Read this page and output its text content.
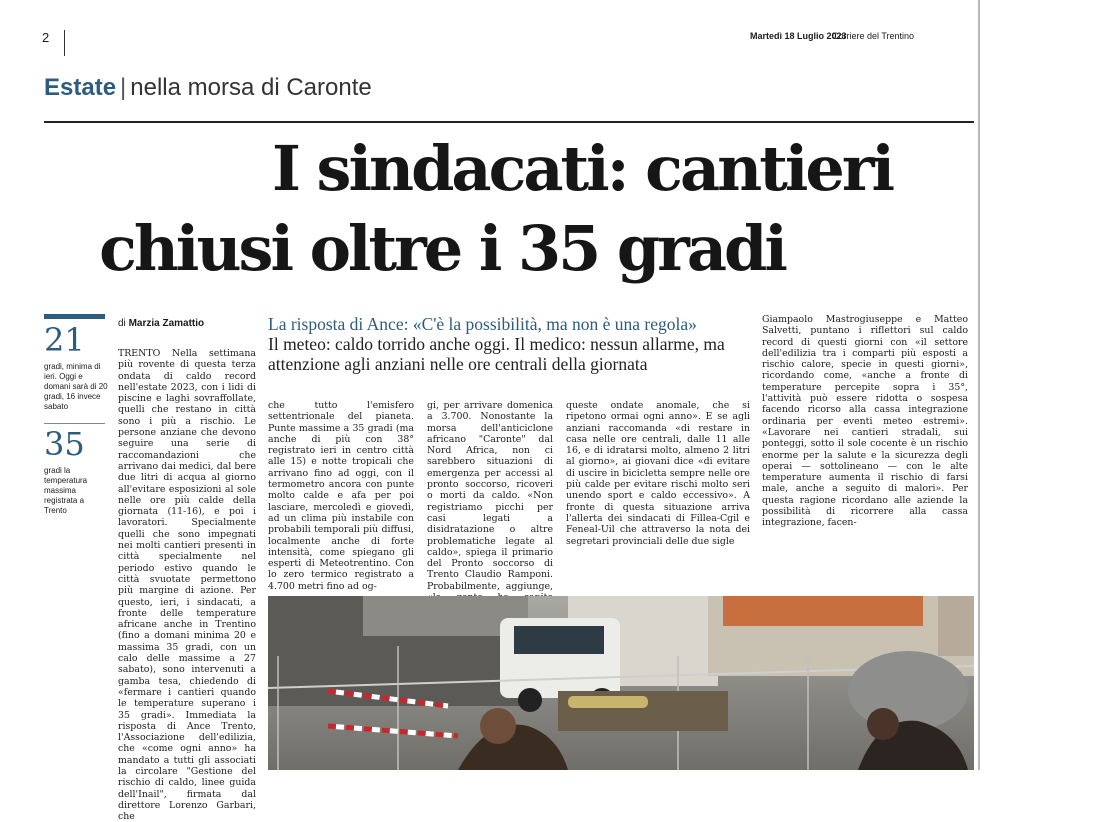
2	Martedì 18 Luglio 2023
Corriere del Trentino
Estate | nella morsa di Caronte
I sindacati: cantieri
chiusi oltre i 35 gradi
21
gradi, minima di ieri. Oggi e domani sarà di 20 gradi, 16 invece sabato
35
gradi la temperatura massima registrata a Trento
di Marzia Zamattio	La risposta di Ance: «C'è la possibilità, ma non è una regola»
Il meteo: caldo torrido anche oggi. Il medico: nessun allarme, ma attenzione agli anziani nelle ore centrali della giornata

TRENTO Nella settimana più rovente di questa terza ondata di caldo record nell'estate 2023, con i lidi di piscine e laghi sovraffollate, quelli che restano in città sono i più a rischio. Le persone anziane che devono seguire una serie di raccomandazioni che arrivano dai medici, dal bere due litri di acqua al giorno all'evitare esposizioni al sole nelle ore più calde della giornata (11-16), e poi i lavoratori. Specialmente quelli che sono impegnati nei molti cantieri presenti in città specialmente nel periodo estivo quando le città svuotate permettono più margine di azione. Per questo, ieri, i sindacati, a fronte delle temperature africane anche in Trentino (fino a domani minima 20 e massima 35 gradi, con un calo delle massime a 27 sabato), sono intervenuti a gamba tesa, chiedendo di «fermare i cantieri quando le temperature superano i 35 gradi». Immediata la risposta di Ance Trento, l'Associazione dell'edilizia, che «come ogni anno» ha mandato a tutti gli associati la circolare "Gestione del rischio di caldo, linee guida dell'Inail", firmata dal direttore Lorenzo Garbari, che

che tutto l'emisfero settentrionale del pianeta. Punte massime a 35 gradi (ma anche di più con 38° registrato ieri in centro città alle 15) e notte tropicali che arrivano fino ad oggi, con il termometro ancora con punte molto calde e afa per poi lasciare, mercoledì e giovedì, ad un clima più instabile con probabili temporali più diffusi, localmente anche di forte intensità, come spiegano gli esperti di Meteotrentino. Con lo zero termico registrato a 4.700 metri fino ad og-

gi, per arrivare domenica a 3.700. Nonostante la morsa dell'anticiclone africano "Caronte" dal Nord Africa, non ci sarebbero situazioni di emergenza per accessi al pronto soccorso, ricoveri o morti da caldo. «Non registriamo picchi per casi legati a disidratazione o altre problematiche legate al caldo», spiega il primario del Pronto soccorso di Trento Claudio Ramponi. Probabilmente, aggiunge,

queste ondate anomale, che si ripetono ormai ogni anno». E se agli anziani raccomanda «di restare in casa nelle ore centrali, dalle 11 alle 16, e di idratarsi molto, almeno 2 litri al giorno», ai giovani dice «di evitare di uscire in bicicletta sempre nelle ore più calde per evitare rischi molto seri unendo sport e caldo eccessivo». A fronte di questa situazione arriva l'allerta dei sindacati di Fillea-Cgil e Feneal-Uil che attraverso la nota dei segretari provinciali delle due sigle

Giampaolo Mastrogiuseppe e Matteo Salvetti, puntano i riflettori sul caldo record di questi giorni con «il settore dell'edilizia tra i comparti più esposti a rischio calore, specie in questi giorni», ricordando come, «anche a fronte di temperature percepite sopra i 35°, l'attività può essere ridotta o sospesa facendo ricorso alla cassa integrazione ordinaria per eventi meteo estremi». «Lavorare nei cantieri stradali, sui ponteggi, sotto il sole cocente è un rischio enorme per la salute e la sicurezza degli operai — sottolineano — con le alte temperature aumenta il rischio di farsi male, anche a seguito di malori». Per questa ragione ricordano alle aziende la possibilità di ricorrere alla cassa integrazione, facen-
